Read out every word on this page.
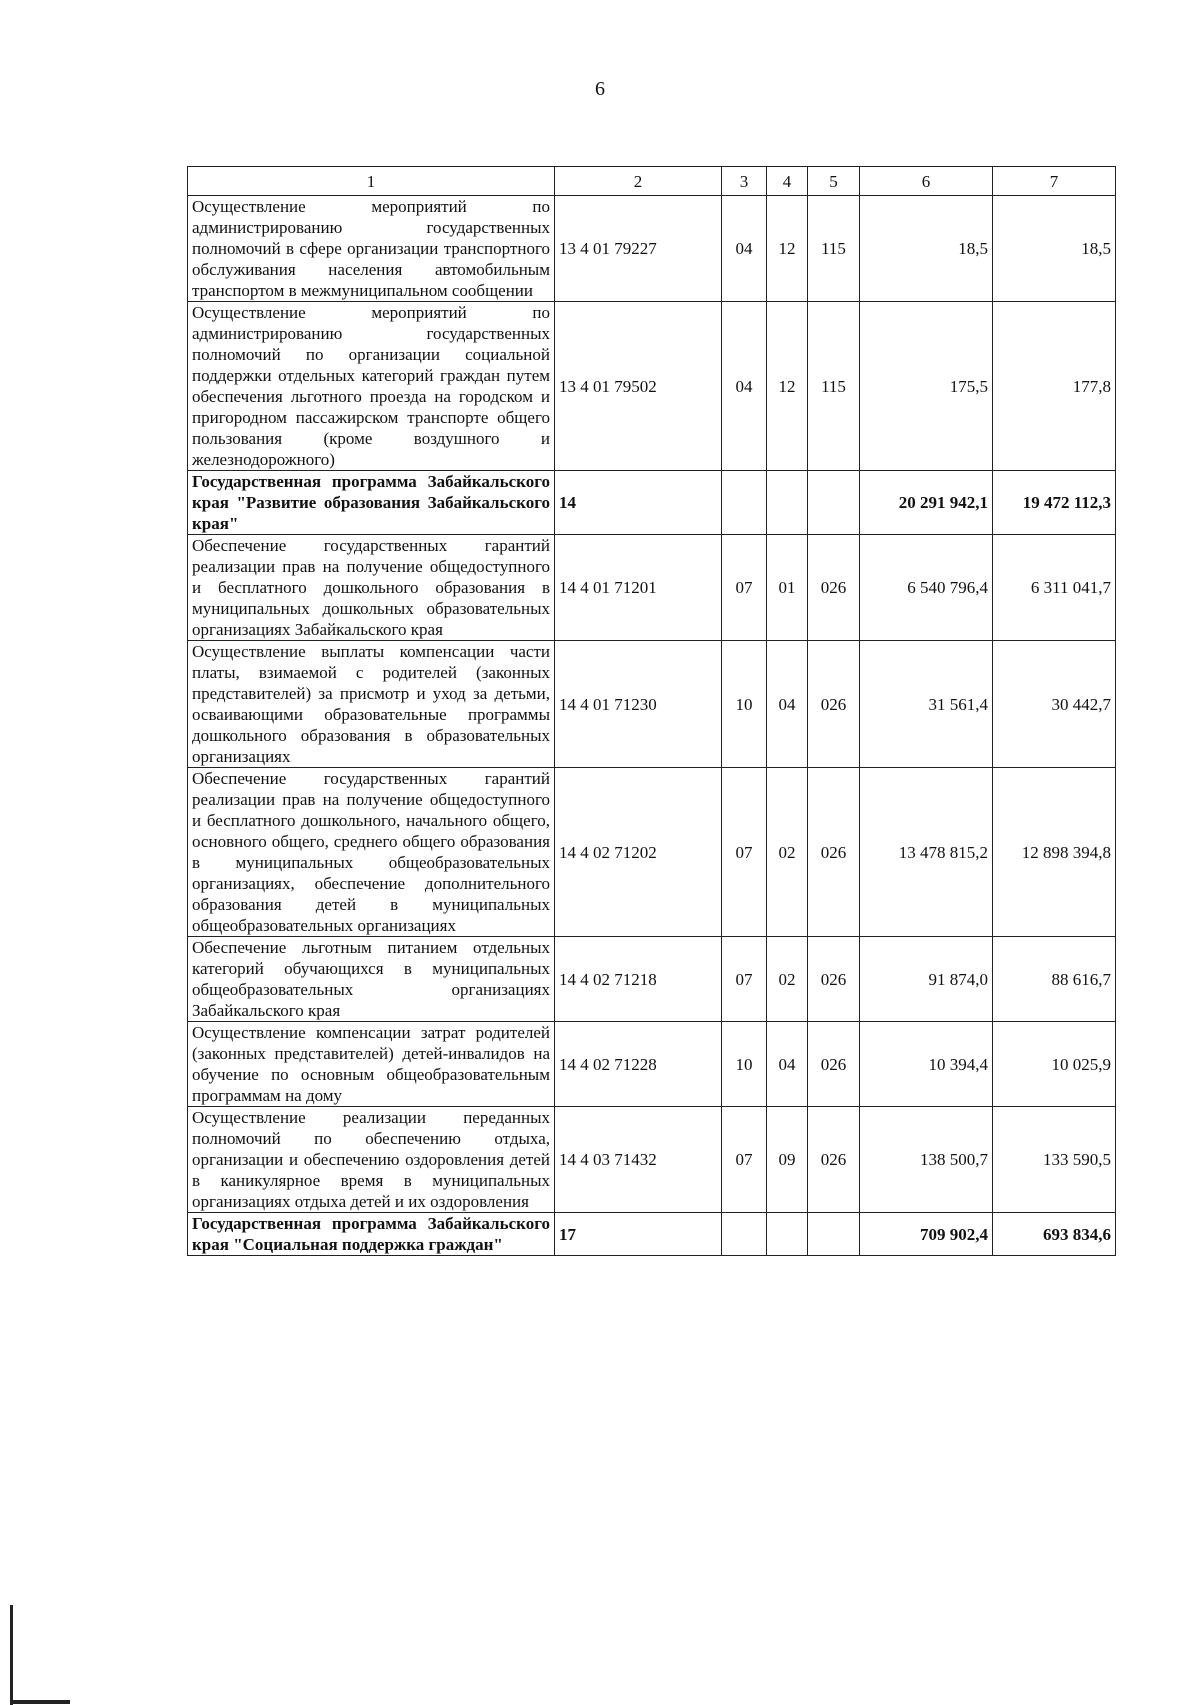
6
1	2	3	4	5	6	7
Осуществление мероприятий по администрированию государственных полномочий в сфере организации транспортного обслуживания населения автомобильным транспортом в межмуниципальном сообщении	13 4 01 79227	04	12	115	18,5	18,5
Осуществление мероприятий по администрированию государственных полномочий по организации социальной поддержки отдельных категорий граждан путем обеспечения льготного проезда на городском и пригородном пассажирском транспорте общего пользования (кроме воздушного и железнодорожного)	13 4 01 79502	04	12	115	175,5	177,8
Государственная программа Забайкальского края "Развитие образования Забайкальского края"	14				20 291 942,1	19 472 112,3
Обеспечение государственных гарантий реализации прав на получение общедоступного и бесплатного дошкольного образования в муниципальных дошкольных образовательных организациях Забайкальского края	14 4 01 71201	07	01	026	6 540 796,4	6 311 041,7
Осуществление выплаты компенсации части платы, взимаемой с родителей (законных представителей) за присмотр и уход за детьми, осваивающими образовательные программы дошкольного образования в образовательных организациях	14 4 01 71230	10	04	026	31 561,4	30 442,7
Обеспечение государственных гарантий реализации прав на получение общедоступного и бесплатного дошкольного, начального общего, основного общего, среднего общего образования в муниципальных общеобразовательных организациях, обеспечение дополнительного образования детей в муниципальных общеобразовательных организациях	14 4 02 71202	07	02	026	13 478 815,2	12 898 394,8
Обеспечение льготным питанием отдельных категорий обучающихся в муниципальных общеобразовательных организациях Забайкальского края	14 4 02 71218	07	02	026	91 874,0	88 616,7
Осуществление компенсации затрат родителей (законных представителей) детей-инвалидов на обучение по основным общеобразовательным программам на дому	14 4 02 71228	10	04	026	10 394,4	10 025,9
Осуществление реализации переданных полномочий по обеспечению отдыха, организации и обеспечению оздоровления детей в каникулярное время в муниципальных организациях отдыха детей и их оздоровления	14 4 03 71432	07	09	026	138 500,7	133 590,5
Государственная программа Забайкальского края "Социальная поддержка граждан"	17				709 902,4	693 834,6
